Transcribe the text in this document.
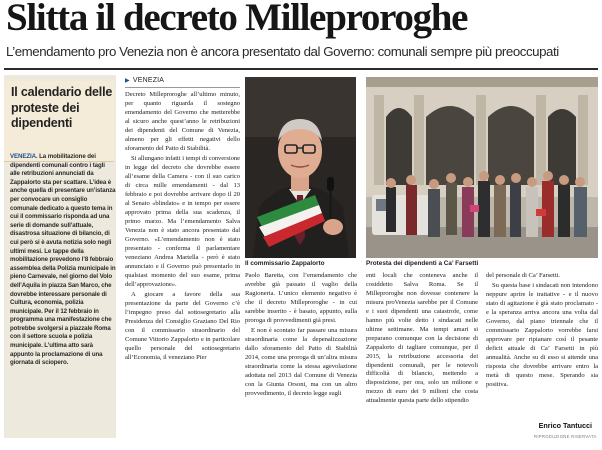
Slitta il decreto Milleproroghe
L’emendamento pro Venezia non è ancora presentato dal Governo: comunali sempre più preoccupati
Il calendario delle proteste dei dipendenti
VENEZIA. La mobilitazione dei dipendenti comunali contro i tagli alle retribuzioni annunciati da Zappalorto sta per scattare. L’idea è anche quella di presentare un’istanza per convocare un consiglio comunale dedicato a questo tema in cui il commissario risponda ad una serie di domande sull’attuale, disastrosa situazione di bilancio, di cui però si è avuta notizia solo negli ultimi mesi. Le tappe della mobilitazione prevedono l’8 febbraio assemblea della Polizia municipale in pieno Carnevale, nel giorno del Volo dell’Aquila in piazza San Marco, che dovrebbe interessare personale di Cultura, economia, polizia municipale. Per il 12 febbraio in programma una manifestazione che potrebbe svolgersi a piazzale Roma con il settore scuola e polizia municipale. L’ultima atto sarà appunto la proclamazione di una giornata di sciopero.
▶ VENEZIA

Decreto Milleproroghe all’ultimo minuto, per quanto riguarda il sostegno emendamento del Governo che metterebbe al sicuro anche quest’anno le retribuzioni dei dipendenti del Comune di Venezia, almeno per gli effetti negativi dello sforamento del Patto di Stabilità.

Si allungano infatti i tempi di conversione in legge del decreto che dovrebbe essere all’esame della Camera - con il suo carico di circa mille emendamenti - dal 13 febbraio e poi dovrebbe arrivare dopo il 20 al Senato «blindato» e in tempo per essere approvato prima della sua scadenza, il primo marzo. Ma l’emendamento Salva Venezia non è stato ancora presentato dal Governo. «L’emendamento non è stato presentato - conferma il parlamentare veneziano Andrea Martella - però è stato annunciato e il Governo può presentarlo in qualsiasi momento del suo esame, prima dell’approvazione».

A giocare a favore della sua presentazione da parte del Governo c’è l’impegno preso dal sottosegretario alla Presidenza del Consiglio Graziano Del Rio con il commissario straordinario del Comune Vittorio Zappalorto e in particolare quello personale del sottosegretario all’Economia, il veneziano Pier

Il commissario Zappalorto	Protesta dei dipendenti a Ca’ Farsetti

Paolo Baretta, con l’emendamento che avrebbe già passato il vaglio della Ragioneria. L’unico elemento negativo è che il decreto Milleproroghe - in cui sarebbe inserito - è basato, appunto, sulla proroga di provvedimenti già presi.

E non è scontato far passare una misura straordinaria come la depenalizzazione dallo sforamento del Patto di Stabilità 2014, come una proroga di un’altra misura straordinaria come la stessa agevolazione adottata nel 2013 dal Comune di Venezia con la Giunta Orsoni, ma con un altro provvedimento, il decreto legge sugli

enti locali che conteneva anche il cosiddetto Salva Roma. Se il Milleproroghe non dovesse contenere la misura proVenezia sarebbe per il Comune e i suoi dipendenti una catastrofe, come hanno più volte detto i sindacati nelle ultime settimane. Ma tempi amari si preparano comunque con la decisione di Zappalorto di tagliare comunque, per il 2015, la retribuzione accessoria dei dipendenti comunali, per le notevoli difficoltà di bilancio, mettendo a disposizione, per ora, solo un milione e mezzo di euro dei 9 milioni che costa attualmente questa parte dello stipendio

del personale di Ca’ Farsetti.

Su questa base i sindacati non intendono neppure aprire le trattative - e il nuovo stato di agitazione è già stato proclamato - e la speranza arriva ancora una volta dal Governo, dal piano triennale che il commissario Zappalorto vorrebbe farsi approvare per ripianare così il pesante deficit attuale di Ca’ Farsetti in più annualità. Anche su di esso si attende una risposta che dovrebbe arrivare entro la metà di questo mese. Sperando sia positiva.

Enrico Tantucci
RIPRODUZIONE RISERVATA
